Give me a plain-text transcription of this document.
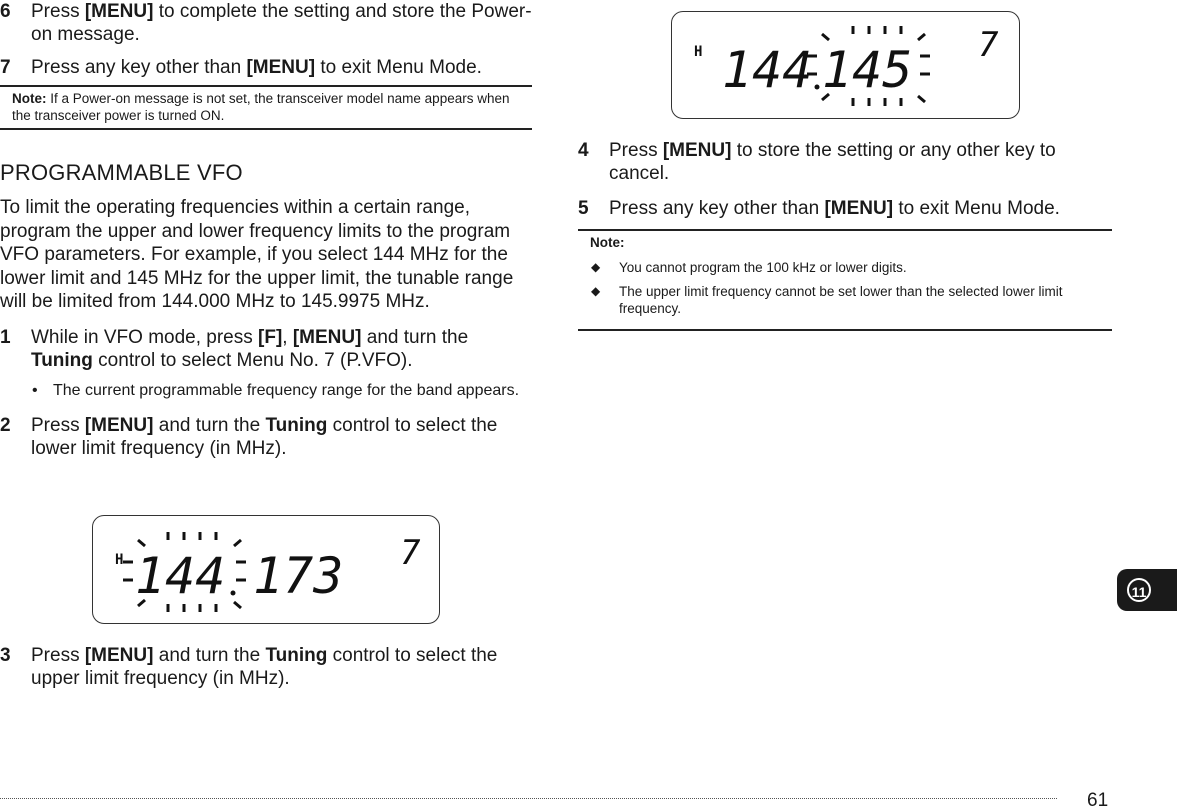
6 Press [MENU] to complete the setting and store the Power-on message.
7 Press any key other than [MENU] to exit Menu Mode.
Note: If a Power-on message is not set, the transceiver model name appears when the transceiver power is turned ON.
PROGRAMMABLE VFO
To limit the operating frequencies within a certain range, program the upper and lower frequency limits to the program VFO parameters. For example, if you select 144 MHz for the lower limit and 145 MHz for the upper limit, the tunable range will be limited from 144.000 MHz to 145.9975 MHz.
1 While in VFO mode, press [F], [MENU] and turn the Tuning control to select Menu No. 7 (P.VFO).
• The current programmable frequency range for the band appears.
2 Press [MENU] and turn the Tuning control to select the lower limit frequency (in MHz).
H 144 173 7
3 Press [MENU] and turn the Tuning control to select the upper limit frequency (in MHz).
H 144 145 7
4 Press [MENU] to store the setting or any other key to cancel.
5 Press any key other than [MENU] to exit Menu Mode.
Note:
◆ You cannot program the 100 kHz or lower digits.
◆ The upper limit frequency cannot be set lower than the selected lower limit frequency.
11
61
